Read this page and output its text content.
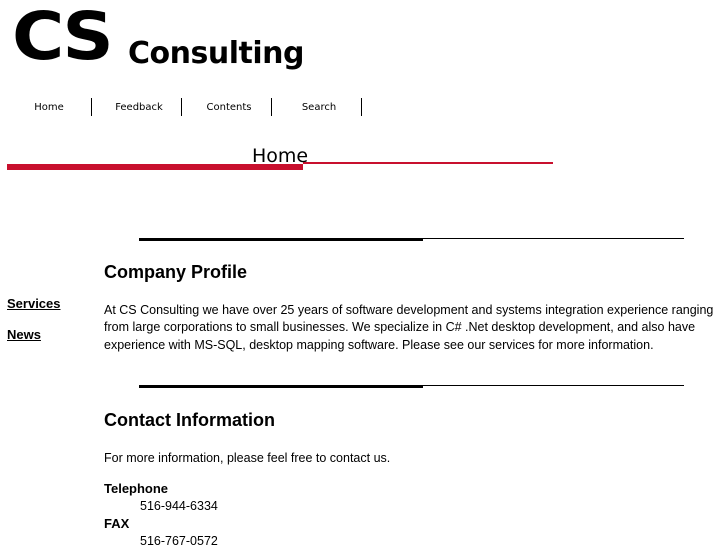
CS Consulting
Home	Feedback	Contents	Search
Home
Company Profile
Services
News
At CS Consulting we have over 25 years of software development and systems integration experience ranging from large corporations to small businesses. We specialize in C# .Net desktop development, and also have experience with MS-SQL, desktop mapping software. Please see our services for more information.
Contact Information
For more information, please feel free to contact us.
Telephone
516-944-6334
FAX
516-767-0572
